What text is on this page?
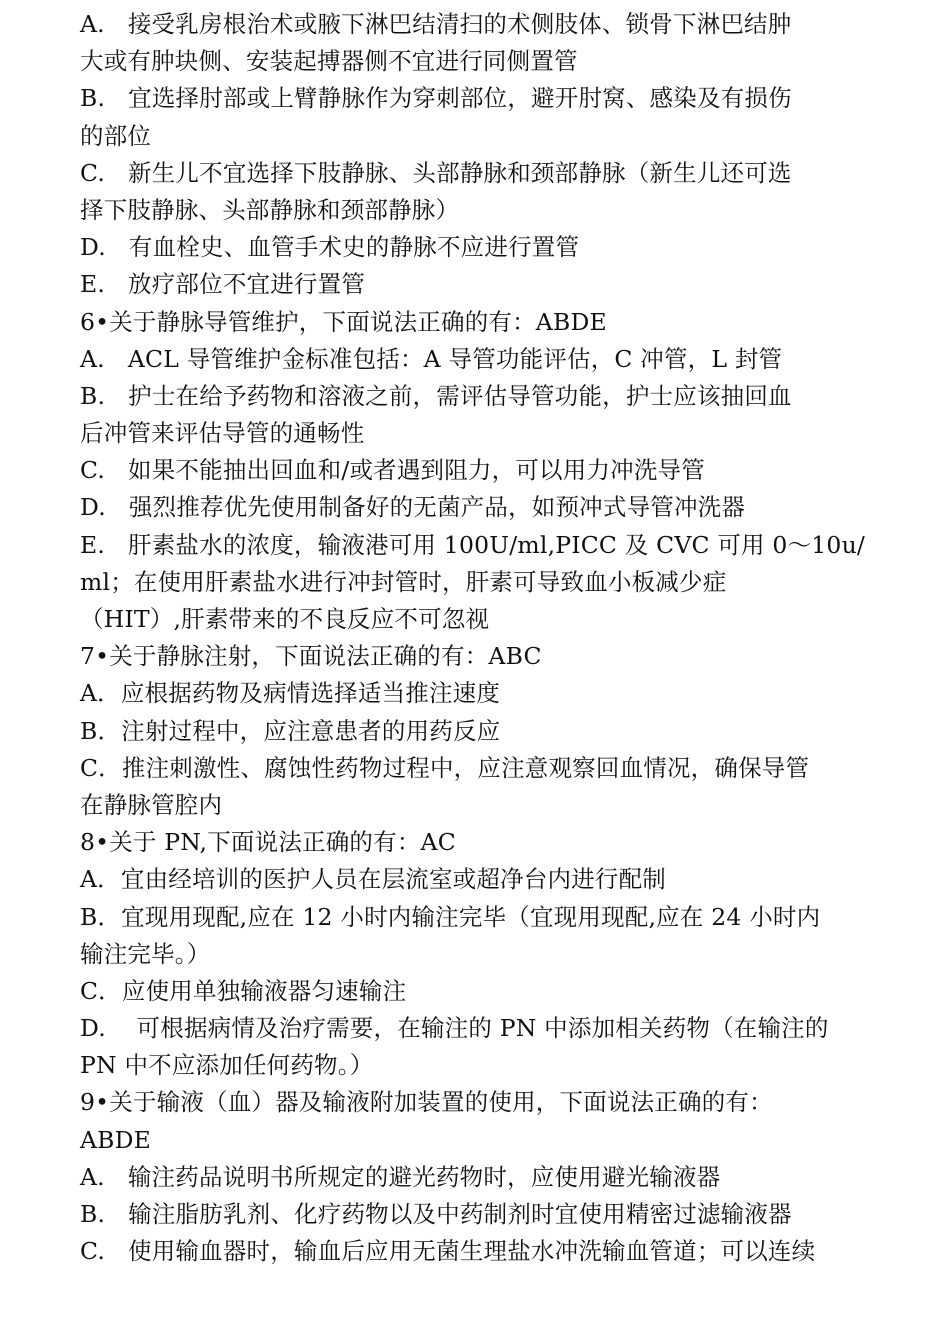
A.   接受乳房根治术或腋下淋巴结清扫的术侧肢体、锁骨下淋巴结肿
大或有肿块侧、安装起搏器侧不宜进行同侧置管
B.   宜选择肘部或上臂静脉作为穿刺部位，避开肘窝、感染及有损伤
的部位
C.   新生儿不宜选择下肢静脉、头部静脉和颈部静脉（新生儿还可选
择下肢静脉、头部静脉和颈部静脉）
D.   有血栓史、血管手术史的静脉不应进行置管
E.   放疗部位不宜进行置管
6•关于静脉导管维护，下面说法正确的有：ABDE
A.   ACL 导管维护金标准包括：A 导管功能评估，C 冲管，L 封管
B.   护士在给予药物和溶液之前，需评估导管功能，护士应该抽回血
后冲管来评估导管的通畅性
C.   如果不能抽出回血和/或者遇到阻力，可以用力冲洗导管
D.   强烈推荐优先使用制备好的无菌产品，如预冲式导管冲洗器
E.   肝素盐水的浓度，输液港可用 100U/ml,PICC 及 CVC 可用 0〜10u/
ml；在使用肝素盐水进行冲封管时，肝素可导致血小板减少症
（HIT）,肝素带来的不良反应不可忽视
7•关于静脉注射，下面说法正确的有：ABC
A．应根据药物及病情选择适当推注速度
B．注射过程中，应注意患者的用药反应
C．推注刺激性、腐蚀性药物过程中，应注意观察回血情况，确保导管
在静脉管腔内
8•关于 PN,下面说法正确的有：AC
A．宜由经培训的医护人员在层流室或超净台内进行配制
B．宜现用现配,应在 12 小时内输注完毕（宜现用现配,应在 24 小时内
输注完毕。）
C．应使用单独输液器匀速输注
D.    可根据病情及治疗需要，在输注的 PN 中添加相关药物（在输注的
PN 中不应添加任何药物。）
9•关于输液（血）器及输液附加装置的使用，下面说法正确的有：
ABDE
A.   输注药品说明书所规定的避光药物时，应使用避光输液器
B.   输注脂肪乳剂、化疗药物以及中药制剂时宜使用精密过滤输液器
C.   使用输血器时，输血后应用无菌生理盐水冲洗输血管道；可以连续
